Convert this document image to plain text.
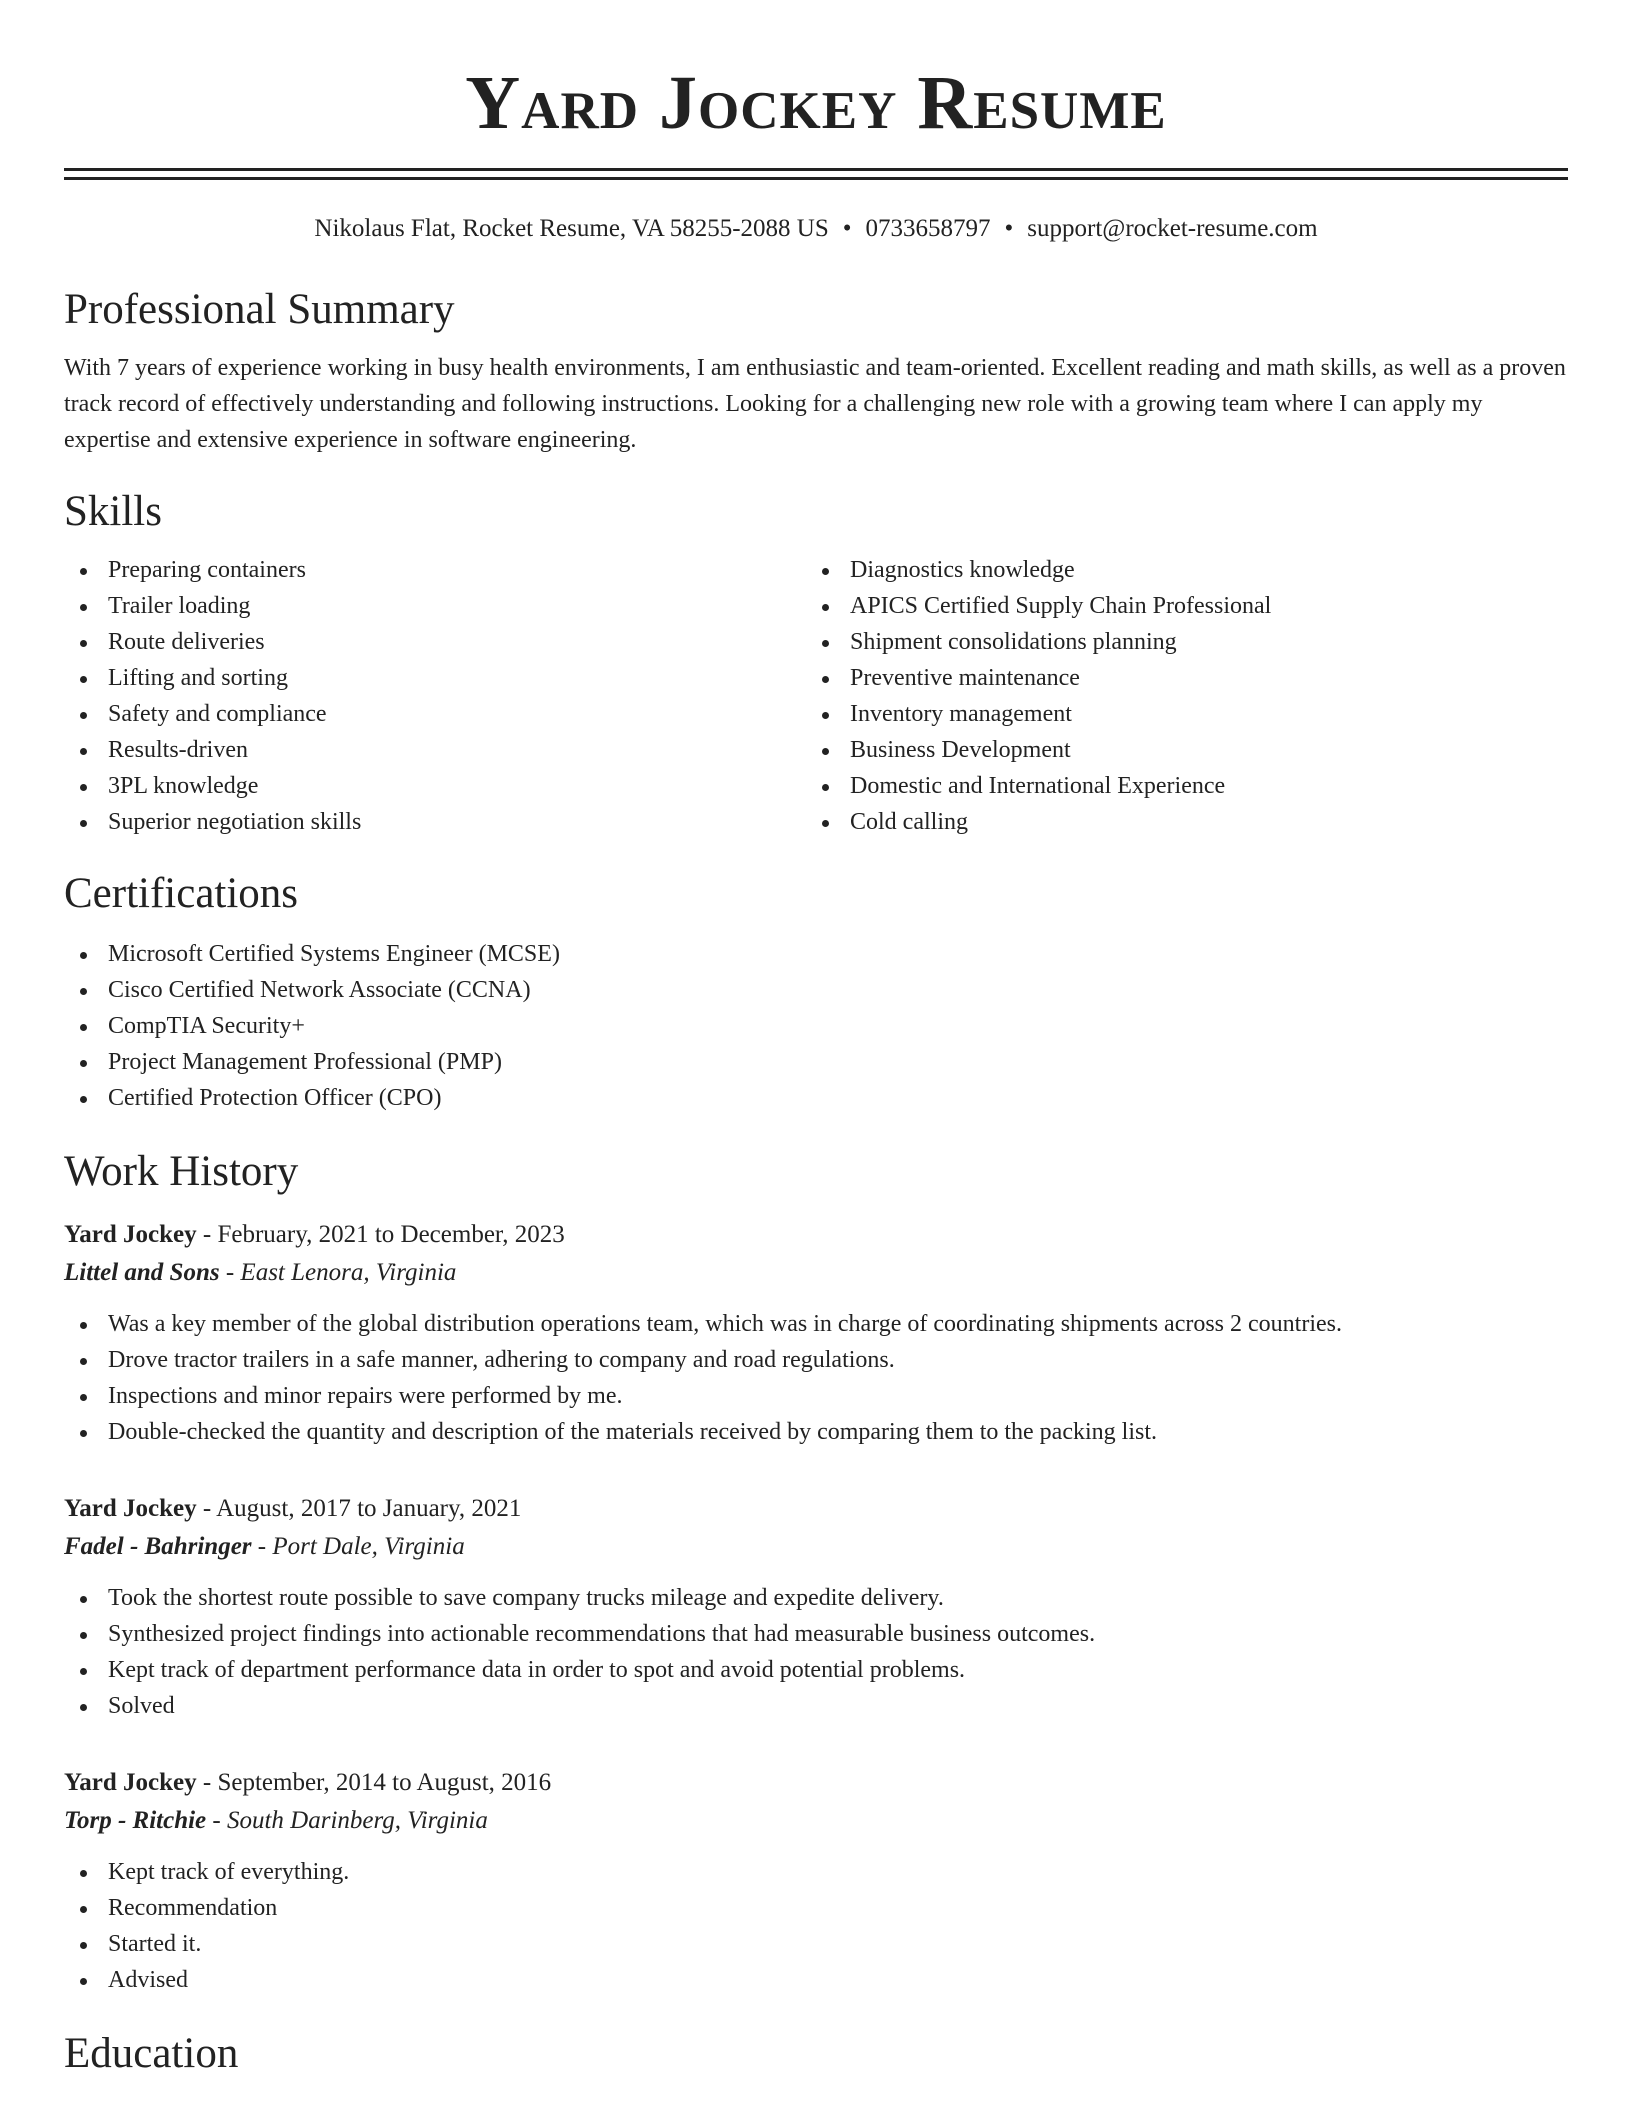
Yard Jockey Resume
Nikolaus Flat, Rocket Resume, VA 58255-2088 US • 0733658797 • support@rocket-resume.com
Professional Summary
With 7 years of experience working in busy health environments, I am enthusiastic and team-oriented. Excellent reading and math skills, as well as a proven track record of effectively understanding and following instructions. Looking for a challenging new role with a growing team where I can apply my expertise and extensive experience in software engineering.
Skills
Preparing containers
Trailer loading
Route deliveries
Lifting and sorting
Safety and compliance
Results-driven
3PL knowledge
Superior negotiation skills
Diagnostics knowledge
APICS Certified Supply Chain Professional
Shipment consolidations planning
Preventive maintenance
Inventory management
Business Development
Domestic and International Experience
Cold calling
Certifications
Microsoft Certified Systems Engineer (MCSE)
Cisco Certified Network Associate (CCNA)
CompTIA Security+
Project Management Professional (PMP)
Certified Protection Officer (CPO)
Work History
Yard Jockey - February, 2021 to December, 2023
Littel and Sons - East Lenora, Virginia
Was a key member of the global distribution operations team, which was in charge of coordinating shipments across 2 countries.
Drove tractor trailers in a safe manner, adhering to company and road regulations.
Inspections and minor repairs were performed by me.
Double-checked the quantity and description of the materials received by comparing them to the packing list.
Yard Jockey - August, 2017 to January, 2021
Fadel - Bahringer - Port Dale, Virginia
Took the shortest route possible to save company trucks mileage and expedite delivery.
Synthesized project findings into actionable recommendations that had measurable business outcomes.
Kept track of department performance data in order to spot and avoid potential problems.
Solved
Yard Jockey - September, 2014 to August, 2016
Torp - Ritchie - South Darinberg, Virginia
Kept track of everything.
Recommendation
Started it.
Advised
Education
